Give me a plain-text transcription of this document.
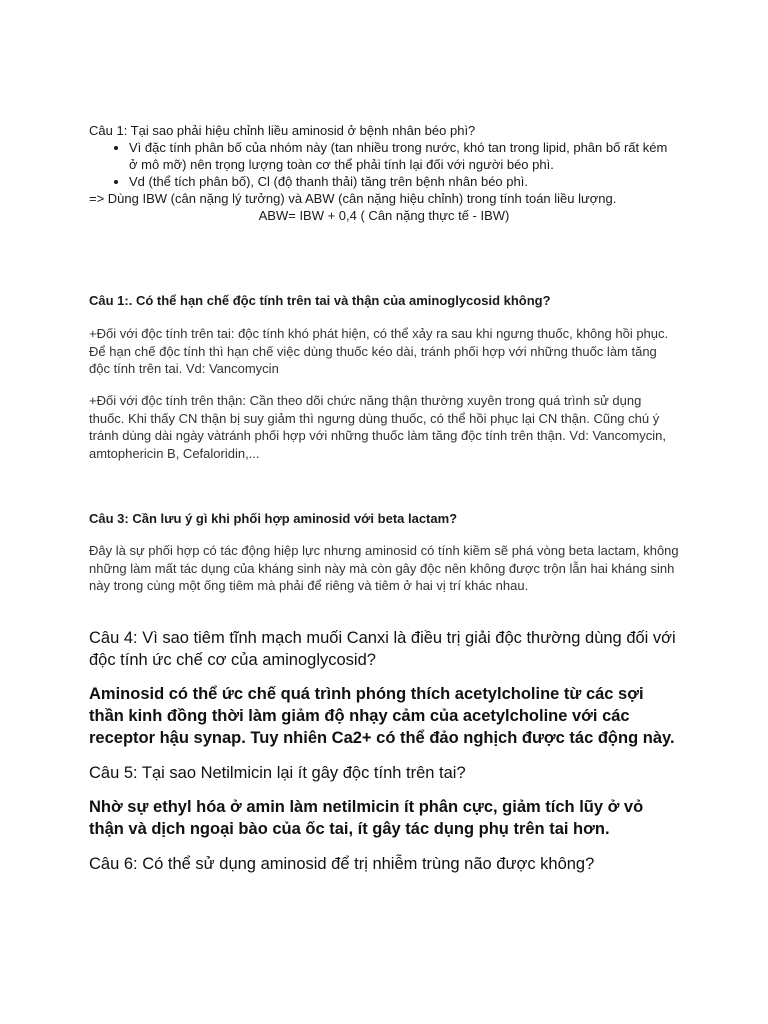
Câu 1: Tại sao phải hiệu chỉnh liều aminosid ở bệnh nhân béo phì?

• Vì đặc tính phân bố của nhóm này (tan nhiều trong nước, khó tan trong lipid, phân bố rất kém ở mô mỡ) nên trọng lượng toàn cơ thể phải tính lại đối với người béo phì.
• Vd (thể tích phân bố), Cl (độ thanh thải) tăng trên bệnh nhân béo phì.

=> Dùng IBW (cân nặng lý tưởng) và ABW (cân nặng hiệu chỉnh) trong tính toán liều lượng.

ABW= IBW + 0,4 ( Cân nặng thực tế - IBW)

Câu 1:. Có thể hạn chế độc tính trên tai và thận của aminoglycosid không?
+Đối với độc tính trên tai: độc tính khó phát hiện, có thể xảy ra sau khi ngưng thuốc, không hồi phục. Để hạn chế độc tính thì hạn chế việc dùng thuốc kéo dài, tránh phối hợp với những thuốc làm tăng độc tính trên tai. Vd: Vancomycin
+Đối với độc tính trên thận: Cần theo dõi chức năng thận thường xuyên trong quá trình sử dụng thuốc. Khi thấy CN thận bị suy giảm thì ngưng dùng thuốc, có thể hồi phục lại CN thận. Cũng chú ý tránh dùng dài ngày vàtránh phối hợp với những thuốc làm tăng độc tính trên thận. Vd: Vancomycin, amtophericin B, Cefaloridin,...
Câu 3: Cần lưu ý gì khi phối hợp aminosid với beta lactam?
Đây là sự phối hợp có tác động hiệp lực nhưng aminosid có tính kiềm sẽ phá vòng beta lactam, không những làm mất tác dụng của kháng sinh này mà còn gây độc nên không được trộn lẫn hai kháng sinh này trong cùng một ống tiêm mà phải để riêng và tiêm ở hai vị trí khác nhau.
Câu 4: Vì sao tiêm tĩnh mạch muối Canxi là điều trị giải độc thường dùng đối với độc tính ức chế cơ của aminoglycosid?
Aminosid có thể ức chế quá trình phóng thích acetylcholine từ các sợi thần kinh đồng thời làm giảm độ nhạy cảm của acetylcholine với các receptor hậu synap. Tuy nhiên Ca2+ có thể đảo nghịch được tác động này.
Câu 5: Tại sao Netilmicin lại ít gây độc tính trên tai?
Nhờ sự ethyl hóa ở amin làm netilmicin ít phân cực, giảm tích lũy ở vỏ thận và dịch ngoại bào của ốc tai, ít gây tác dụng phụ trên tai hơn.
Câu 6: Có thể sử dụng aminosid để trị nhiễm trùng não được không?
